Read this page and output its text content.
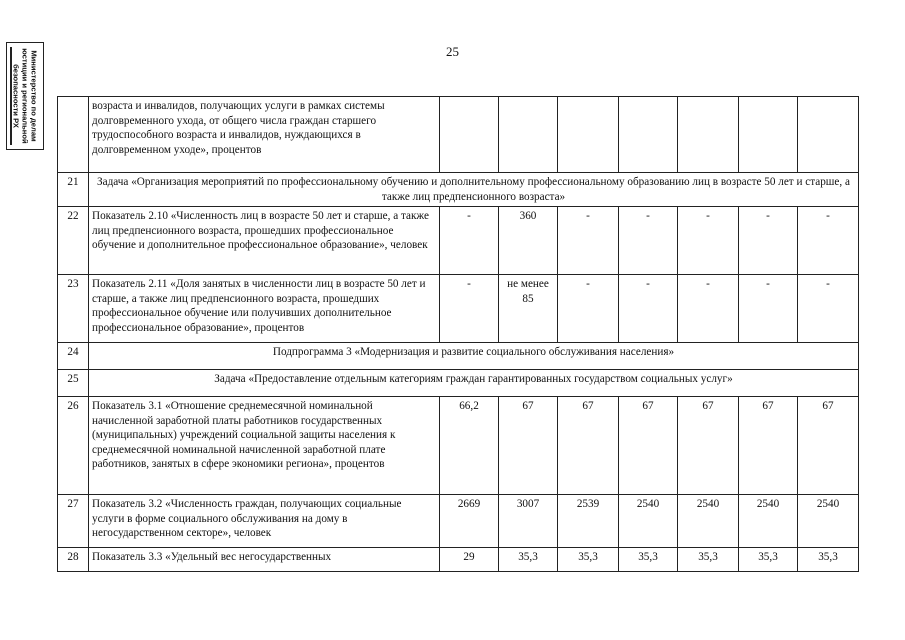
25
Министерство по делам
юстиции и региональной
безопасности РХ
	возраста и инвалидов, получающих услуги в рамках системы долговременного ухода, от общего числа граждан старшего трудоспособного возраста и инвалидов, нуждающихся в долговременном уходе», процентов							
21	Задача «Организация мероприятий по профессиональному обучению и дополнительному профессиональному образованию лиц в возрасте 50 лет и старше, а также лиц предпенсионного возраста»							
22	Показатель 2.10 «Численность лиц в возрасте 50 лет и старше, а также лиц предпенсионного возраста, прошедших профессиональное обучение и дополнительное профессиональное образование», человек	-	360	-	-	-	-	-
23	Показатель 2.11 «Доля занятых в численности лиц в возрасте 50 лет и старше, а также лиц предпенсионного возраста, прошедших профессиональное обучение или получивших дополнительное профессиональное образование», процентов	-	не менее 85	-	-	-	-	-
24	Подпрограмма 3 «Модернизация и развитие социального обслуживания населения»							
25	Задача «Предоставление отдельным категориям граждан гарантированных государством социальных услуг»							
26	Показатель 3.1 «Отношение среднемесячной номинальной начисленной заработной платы работников государственных (муниципальных) учреждений социальной защиты населения к среднемесячной номинальной начисленной заработной плате работников, занятых в сфере экономики региона», процентов	66,2	67	67	67	67	67	67
27	Показатель 3.2 «Численность граждан, получающих социальные услуги в форме социального обслуживания на дому в негосударственном секторе», человек	2669	3007	2539	2540	2540	2540	2540
28	Показатель 3.3 «Удельный вес негосударственных	29	35,3	35,3	35,3	35,3	35,3	35,3
